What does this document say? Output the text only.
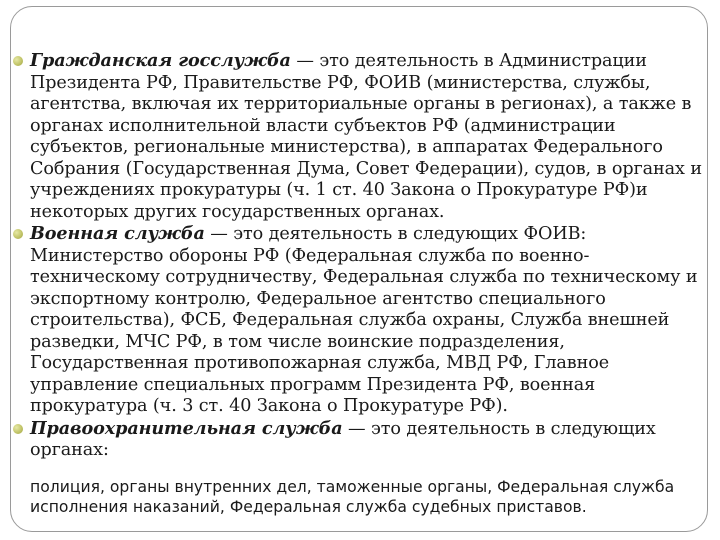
Гражданская госслужба — это деятельность в Администрации Президента РФ, Правительстве РФ, ФОИВ (министерства, службы, агентства, включая их территориальные органы в регионах), а также в органах исполнительной власти субъектов РФ (администрации субъектов, региональные министерства), в аппаратах Федерального Собрания (Государственная Дума, Совет Федерации), судов, в органах и учреждениях прокуратуры (ч. 1 ст. 40 Закона о Прокуратуре РФ)и некоторых других государственных органах.
Военная служба — это деятельность в следующих ФОИВ: Министерство обороны РФ (Федеральная служба по военно-техническому сотрудничеству, Федеральная служба по техническому и экспортному контролю, Федеральное агентство специального строительства), ФСБ, Федеральная служба охраны, Служба внешней разведки, МЧС РФ, в том числе воинские подразделения, Государственная противопожарная служба, МВД РФ, Главное управление специальных программ Президента РФ, военная прокуратура (ч. 3 ст. 40 Закона о Прокуратуре РФ).
Правоохранительная служба — это деятельность в следующих органах:
полиция, органы внутренних дел, таможенные органы, Федеральная служба исполнения наказаний, Федеральная служба судебных приставов.
